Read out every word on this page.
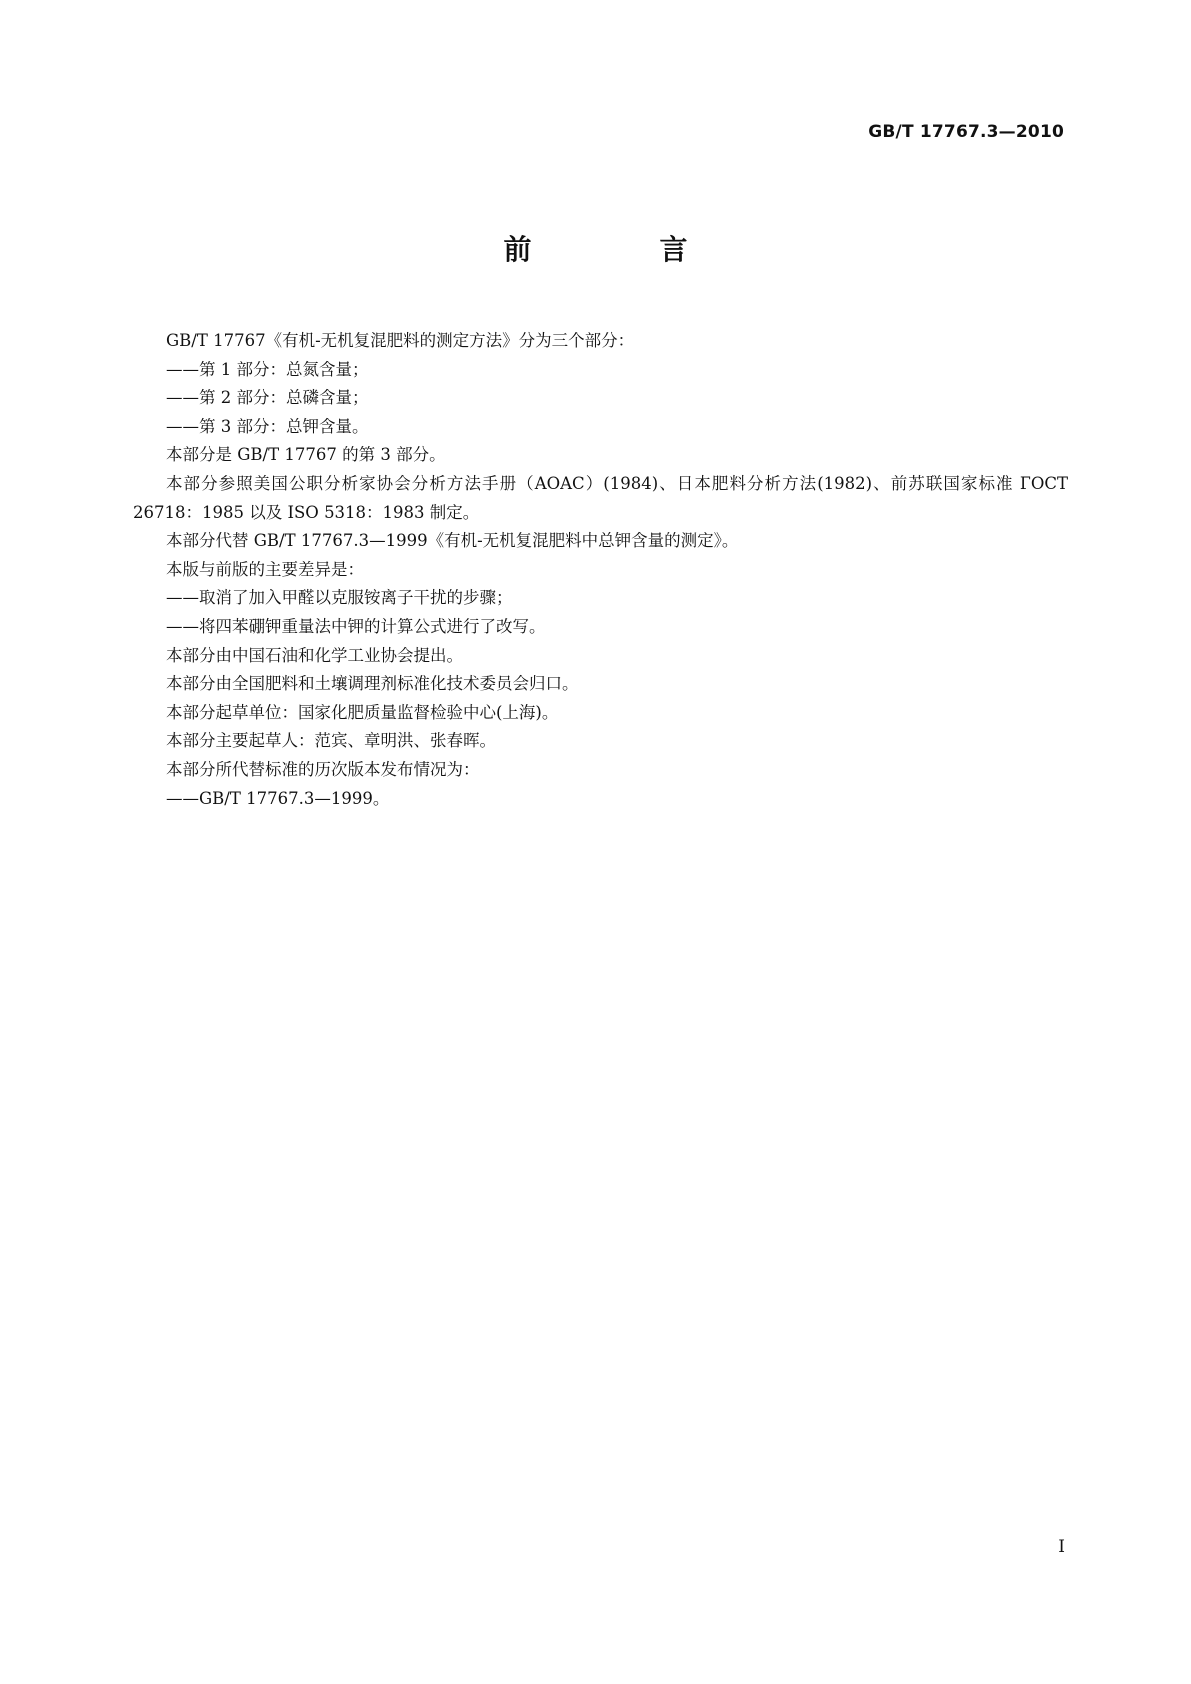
GB/T 17767.3—2010
前　言

GB/T 17767《有机-无机复混肥料的测定方法》分为三个部分：

——第 1 部分：总氮含量；

——第 2 部分：总磷含量；

——第 3 部分：总钾含量。

本部分是 GB/T 17767 的第 3 部分。

本部分参照美国公职分析家协会分析方法手册（AOAC）(1984)、日本肥料分析方法(1982)、前苏联国家标准 ГOCT 26718：1985 以及 ISO 5318：1983 制定。

本部分代替 GB/T 17767.3—1999《有机-无机复混肥料中总钾含量的测定》。

本版与前版的主要差异是：

——取消了加入甲醛以克服铵离子干扰的步骤；

——将四苯硼钾重量法中钾的计算公式进行了改写。

本部分由中国石油和化学工业协会提出。

本部分由全国肥料和土壤调理剂标准化技术委员会归口。

本部分起草单位：国家化肥质量监督检验中心(上海)。

本部分主要起草人：范宾、章明洪、张春晖。

本部分所代替标准的历次版本发布情况为：

——GB/T 17767.3—1999。

I
